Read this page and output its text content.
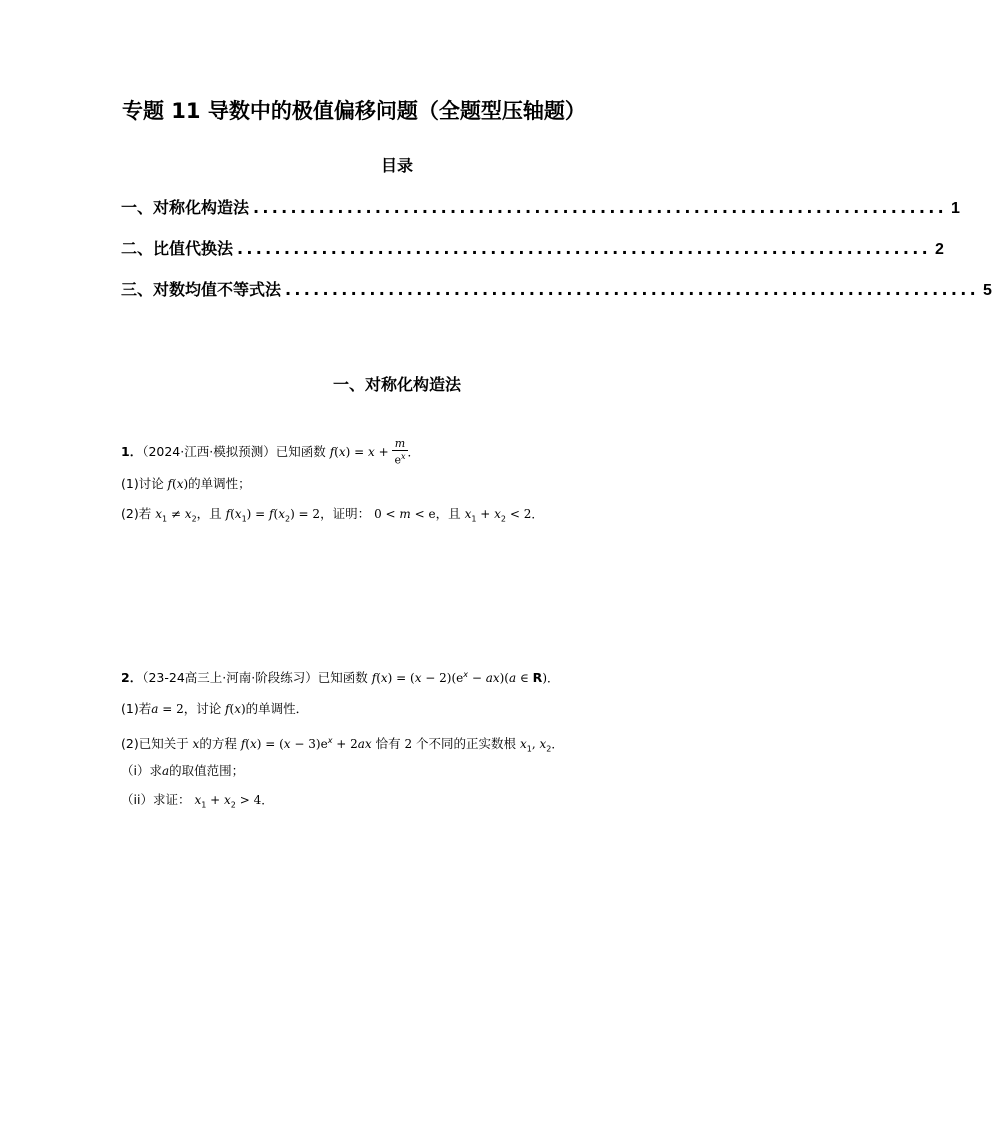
专题 11 导数中的极值偏移问题（全题型压轴题）
目录
一、对称化构造法 .......................................................................... 1
二、比值代换法 .......................................................................... 2
三、对数均值不等式法 .......................................................................... 5
一、对称化构造法
1．（2024·江西·模拟预测）已知函数 $f(x) = x + \frac{m}{e^x}$ ．
(1)讨论 f(x)的单调性；
(2)若 $x_1 \ne x_2$，且 $f(x_1) = f(x_2) = 2$，证明： 0 < m < e，且 $x_1 + x_2 < 2$．
2．（23-24高三上·河南·阶段练习）已知函数 $f(x) = (x - 2)(e^x - ax)(a$ ∈ R)．
(1)若a = 2，讨论 f(x)的单调性．
(2)已知关于 x的方程 $f(x) = (x - 3)e^x + 2ax$ 恰有 2 个不同的正实数根 $x_1$, $x_2$．
（i）求a的取值范围；
（ii）求证： $x_1 + x_2 > 4$．
